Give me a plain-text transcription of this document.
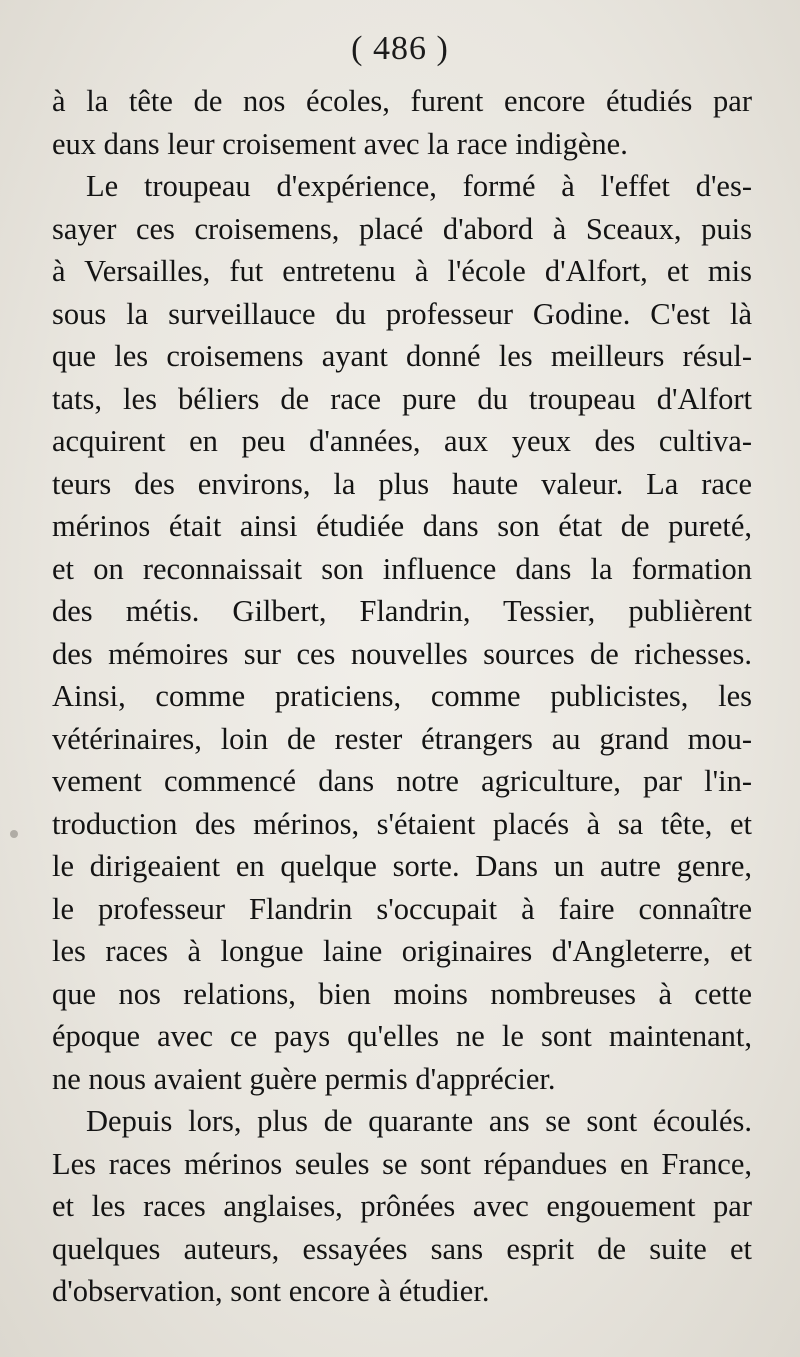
( 486 )
à la tête de nos écoles, furent encore étudiés par
eux dans leur croisement avec la race indigène.
Le troupeau d'expérience, formé à l'effet d'es-
sayer ces croisemens, placé d'abord à Sceaux, puis
à Versailles, fut entretenu à l'école d'Alfort, et mis
sous la surveillauce du professeur Godine. C'est là
que les croisemens ayant donné les meilleurs résul-
tats, les béliers de race pure du troupeau d'Alfort
acquirent en peu d'années, aux yeux des cultiva-
teurs des environs, la plus haute valeur. La race
mérinos était ainsi étudiée dans son état de pureté,
et on reconnaissait son influence dans la formation
des métis. Gilbert, Flandrin, Tessier, publièrent
des mémoires sur ces nouvelles sources de richesses.
Ainsi, comme praticiens, comme publicistes, les
vétérinaires, loin de rester étrangers au grand mou-
vement commencé dans notre agriculture, par l'in-
troduction des mérinos, s'étaient placés à sa tête, et
le dirigeaient en quelque sorte. Dans un autre genre,
le professeur Flandrin s'occupait à faire connaître
les races à longue laine originaires d'Angleterre, et
que nos relations, bien moins nombreuses à cette
époque avec ce pays qu'elles ne le sont maintenant,
ne nous avaient guère permis d'apprécier.
Depuis lors, plus de quarante ans se sont écoulés.
Les races mérinos seules se sont répandues en France,
et les races anglaises, prônées avec engouement par
quelques auteurs, essayées sans esprit de suite et
d'observation, sont encore à étudier.
